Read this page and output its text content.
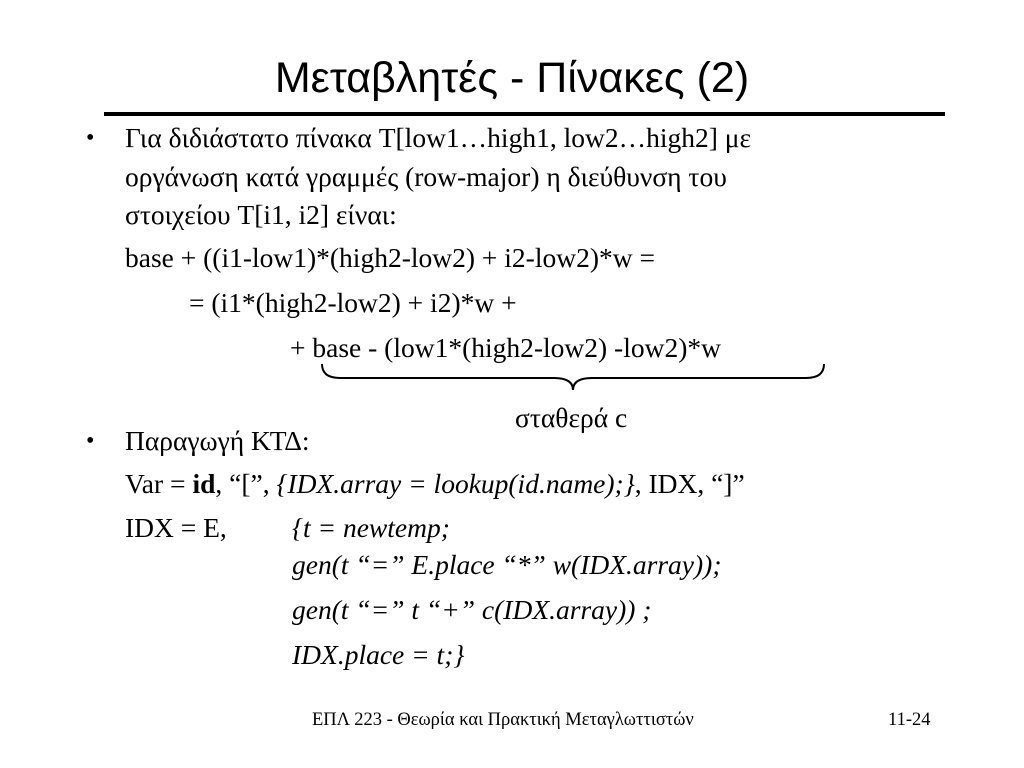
Μεταβλητές - Πίνακες (2)
• Για διδιάστατο πίνακα T[low1…high1, low2…high2] με
οργάνωση κατά γραμμές (row-major) η διεύθυνση του
στοιχείου T[i1, i2] είναι:
base + ((i1-low1)*(high2-low2) + i2-low2)*w =
= (i1*(high2-low2) + i2)*w +
+ base - (low1*(high2-low2) -low2)*w
σταθερά c
• Παραγωγή ΚΤΔ:
Var = id, “[”, {IDX.array = lookup(id.name);}, IDX, “]”
IDX = E, {t = newtemp;
gen(t “=” E.place “*” w(IDX.array));
gen(t “=” t “+” c(IDX.array)) ;
IDX.place = t;}
ΕΠΛ 223 - Θεωρία και Πρακτική Μεταγλωττιστών	11-24
